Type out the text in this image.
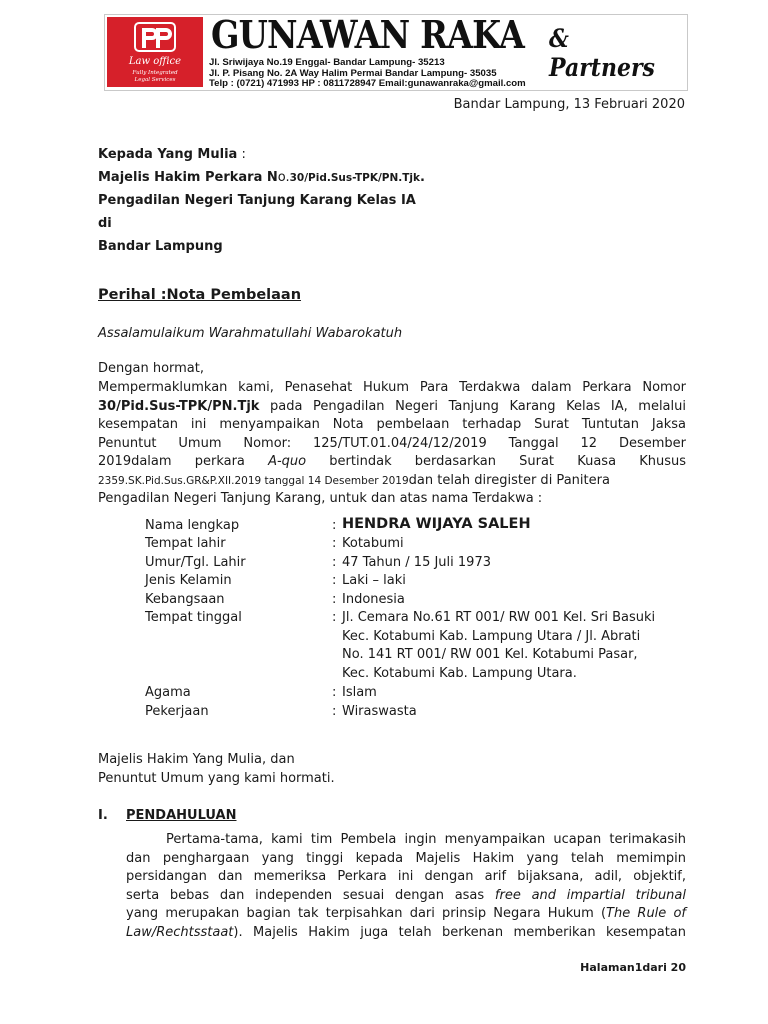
Law office
Fully Integrated
Legal Services
GUNAWAN RAKA & Partners
Jl. Sriwijaya No.19 Enggal- Bandar Lampung- 35213
Jl. P. Pisang No. 2A Way Halim Permai Bandar Lampung- 35035
Telp : (0721) 471993 HP : 0811728947 Email:gunawanraka@gmail.com
Bandar Lampung, 13 Februari 2020
Kepada Yang Mulia :
Majelis Hakim Perkara No.30/Pid.Sus-TPK/PN.Tjk.
Pengadilan Negeri Tanjung Karang Kelas IA
di
Bandar Lampung
Perihal :Nota Pembelaan
Assalamulaikum Warahmatullahi Wabarokatuh
Dengan hormat,
Mempermaklumkan kami, Penasehat Hukum Para Terdakwa dalam Perkara Nomor
30/Pid.Sus-TPK/PN.Tjk pada Pengadilan Negeri Tanjung Karang Kelas IA, melalui
kesempatan ini menyampaikan Nota pembelaan terhadap Surat Tuntutan Jaksa
Penuntut Umum Nomor: 125/TUT.01.04/24/12/2019 Tanggal 12 Desember
2019dalam perkara A-quo bertindak berdasarkan Surat Kuasa Khusus
2359.SK.Pid.Sus.GR&P.XII.2019 tanggal 14 Desember 2019dan telah diregister di Panitera
Pengadilan Negeri Tanjung Karang, untuk dan atas nama Terdakwa :
Nama lengkap	: HENDRA WIJAYA SALEH
Tempat lahir	: Kotabumi
Umur/Tgl. Lahir	: 47 Tahun / 15 Juli 1973
Jenis Kelamin	: Laki – laki
Kebangsaan	: Indonesia
Tempat tinggal	: Jl. Cemara No.61 RT 001/ RW 001 Kel. Sri Basuki
Kec. Kotabumi Kab. Lampung Utara / Jl. Abrati
No. 141 RT 001/ RW 001 Kel. Kotabumi Pasar,
Kec. Kotabumi Kab. Lampung Utara.
Agama	: Islam
Pekerjaan	: Wiraswasta
Majelis Hakim Yang Mulia, dan
Penuntut Umum yang kami hormati.
I. PENDAHULUAN
Pertama-tama, kami tim Pembela ingin menyampaikan ucapan terimakasih
dan penghargaan yang tinggi kepada Majelis Hakim yang telah memimpin
persidangan dan memeriksa Perkara ini dengan arif bijaksana, adil, objektif,
serta bebas dan independen sesuai dengan asas free and impartial tribunal
yang merupakan bagian tak terpisahkan dari prinsip Negara Hukum (The Rule of
Law/Rechtsstaat). Majelis Hakim juga telah berkenan memberikan kesempatan
Halaman1dari 20
